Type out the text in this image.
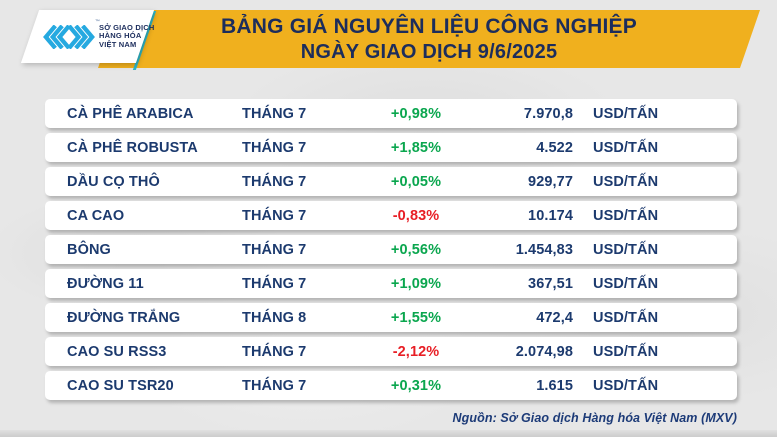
BẢNG GIÁ NGUYÊN LIỆU CÔNG NGHIỆP
NGÀY GIAO DỊCH 9/6/2025
™
SỞ GIAO DỊCH
HÀNG HÓA
VIỆT NAM
CÀ PHÊ ARABICA	THÁNG 7	+0,98%	7.970,8	USD/TẤN
CÀ PHÊ ROBUSTA	THÁNG 7	+1,85%	4.522	USD/TẤN
DẦU CỌ THÔ	THÁNG 7	+0,05%	929,77	USD/TẤN
CA CAO	THÁNG 7	-0,83%	10.174	USD/TẤN
BÔNG	THÁNG 7	+0,56%	1.454,83	USD/TẤN
ĐƯỜNG 11	THÁNG 7	+1,09%	367,51	USD/TẤN
ĐƯỜNG TRẮNG	THÁNG 8	+1,55%	472,4	USD/TẤN
CAO SU RSS3	THÁNG 7	-2,12%	2.074,98	USD/TẤN
CAO SU TSR20	THÁNG 7	+0,31%	1.615	USD/TẤN
Nguồn: Sở Giao dịch Hàng hóa Việt Nam (MXV)
